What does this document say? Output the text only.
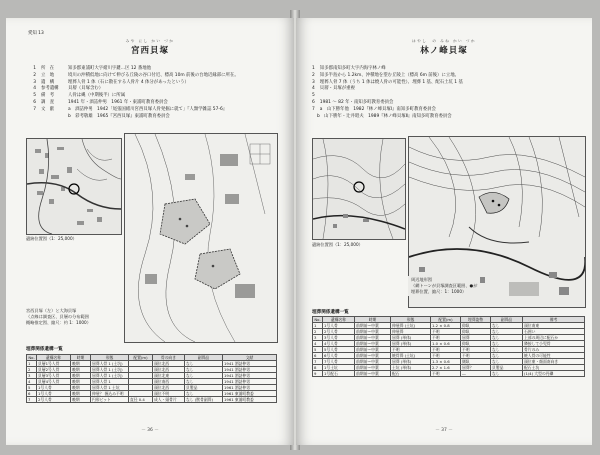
愛知 13
みや にし かい づか
宮西貝塚
1 所　在	知多郡東浦町大字緒川字鍵…区 12 番地他
2 立　地	境川の沖積低地に向けて伸びる丘陵の谷口付近、標高 10m 前後の台地辺縁部に所在。
3 遺　構	埋葬人骨 1 体（石に散在する人骨片 4 体分があったという）
4 参考遺構	貝層（貝塚含む）
5 備　考	人骨は縄（中期後半）に所属
6 調　査	1941 年・酒詰仲男　1961 年・東浦町教育委員会
7 文　献	a　酒詰仲男　1942「尾張国緒川宮西貝塚人骨発掘に就て」『人類学雑誌 57-6』
b　彩考敬雄　1965『宮西貝塚』東浦町教育委員会
遺跡位置図（1：25,000）
宮西貝塚（左）と大海貝塚
（点線は調査区、貝層の分布範囲
概略推定図、縮尺：約 1：1000）
埋葬関係遺構一覧
No.	遺構名称	時期	形態	配置(m)	骨の向き	副葬品	文献
1	貝層1号人骨	晩期	屈葬人骨 1 (土坑)		頭位北西	なし	1941 酒詰仲男
2	貝層2号人骨	晩期	屈葬人骨 1 (土坑)		頭位北西	なし	1941 酒詰仲男
3	貝層3号人骨	晩期	屈葬人骨 1 (土坑)		頭位北東	なし	1941 酒詰仲男
4	貝層4号人骨	晩期	屈葬人骨 1		頭位南西	なし	1941 酒詰仲男
5	1号人骨	晩期	屈葬人骨 1 土坑		頭位北西	貝製品	1961 酒詰仲男
6	1号人骨	晩期	伸展？ 掘込み不明		頭位不明	なし	1961 東浦町教委
7	2号人骨	晩期	円形ピット	直径 0.4	成人・頭骨片	なし (獣骨副葬)	1961 東浦町教委
－ 36 －
はやし　の みね かい づか
林ノ峰貝塚
1 知多郡南知多町大字内海字林ノ峰
2 知多半島から 1.2km、沖積地を望む丘陵上（標高 6m 前後）に立地。
3 埋葬人骨 7 体（うち 1 体は焼人骨の可能性）、埋葬 1 基、配石土坑 1 基
4 貝層・貝塚が重複
5
6 1981 ～ 82 年・南知多町教育委員会
7 a　山下勝年他　1982『林ノ峰貝塚Ⅰ』南知多町教育委員会
b　山下勝年・辻井昭夫　1989『林ノ峰貝塚Ⅱ』南知多町教育委員会
遺跡位置図（1：25,000）
周辺地形図
（網トーンが貝塚調査区範囲、●が
埋葬位置、縮尺：1：1000）
埋葬関係遺構一覧
No.	遺構名称	時期	形態	配置(m)	埋葬姿勢	副葬品	備考
1	1号人骨	前期前～中葉	伸展葬 (土坑)	1.2 × 0.8	仰臥	なし	頭位南東
2	2号人骨	前期前～中葉	伸展葬	不明	仰臥	なし	石囲い
3	3号人骨	前期前～中葉	屈葬 (単体)	不明	屈葬	なし	上部の周辺に配石か
4	4号人骨	前期前～中葉	屈葬 (単体)	1.0 × 0.6	仰臥	なし	隣接して小児骨
5	5号人骨	前期前～中葉	不明	不明	不明	なし	骨片のみ
6	6号人骨	前期前～中葉	焼骨葬 (土坑)	不明	不明	なし	焼人骨の可能性
7	7号人骨	前期前～中葉	屈葬 (単体)	1.3 × 0.6	側臥	なし	頭位東・顔面南向き
8	1号土坑	前期前～中葉	土坑 (単体)	2.7 × 1.6	屈葬？	貝製品	配石土坑
9	1号配石	前期前～中葉	配石	不明	―	なし	(1/4) 大型の円礫
－ 37 －
